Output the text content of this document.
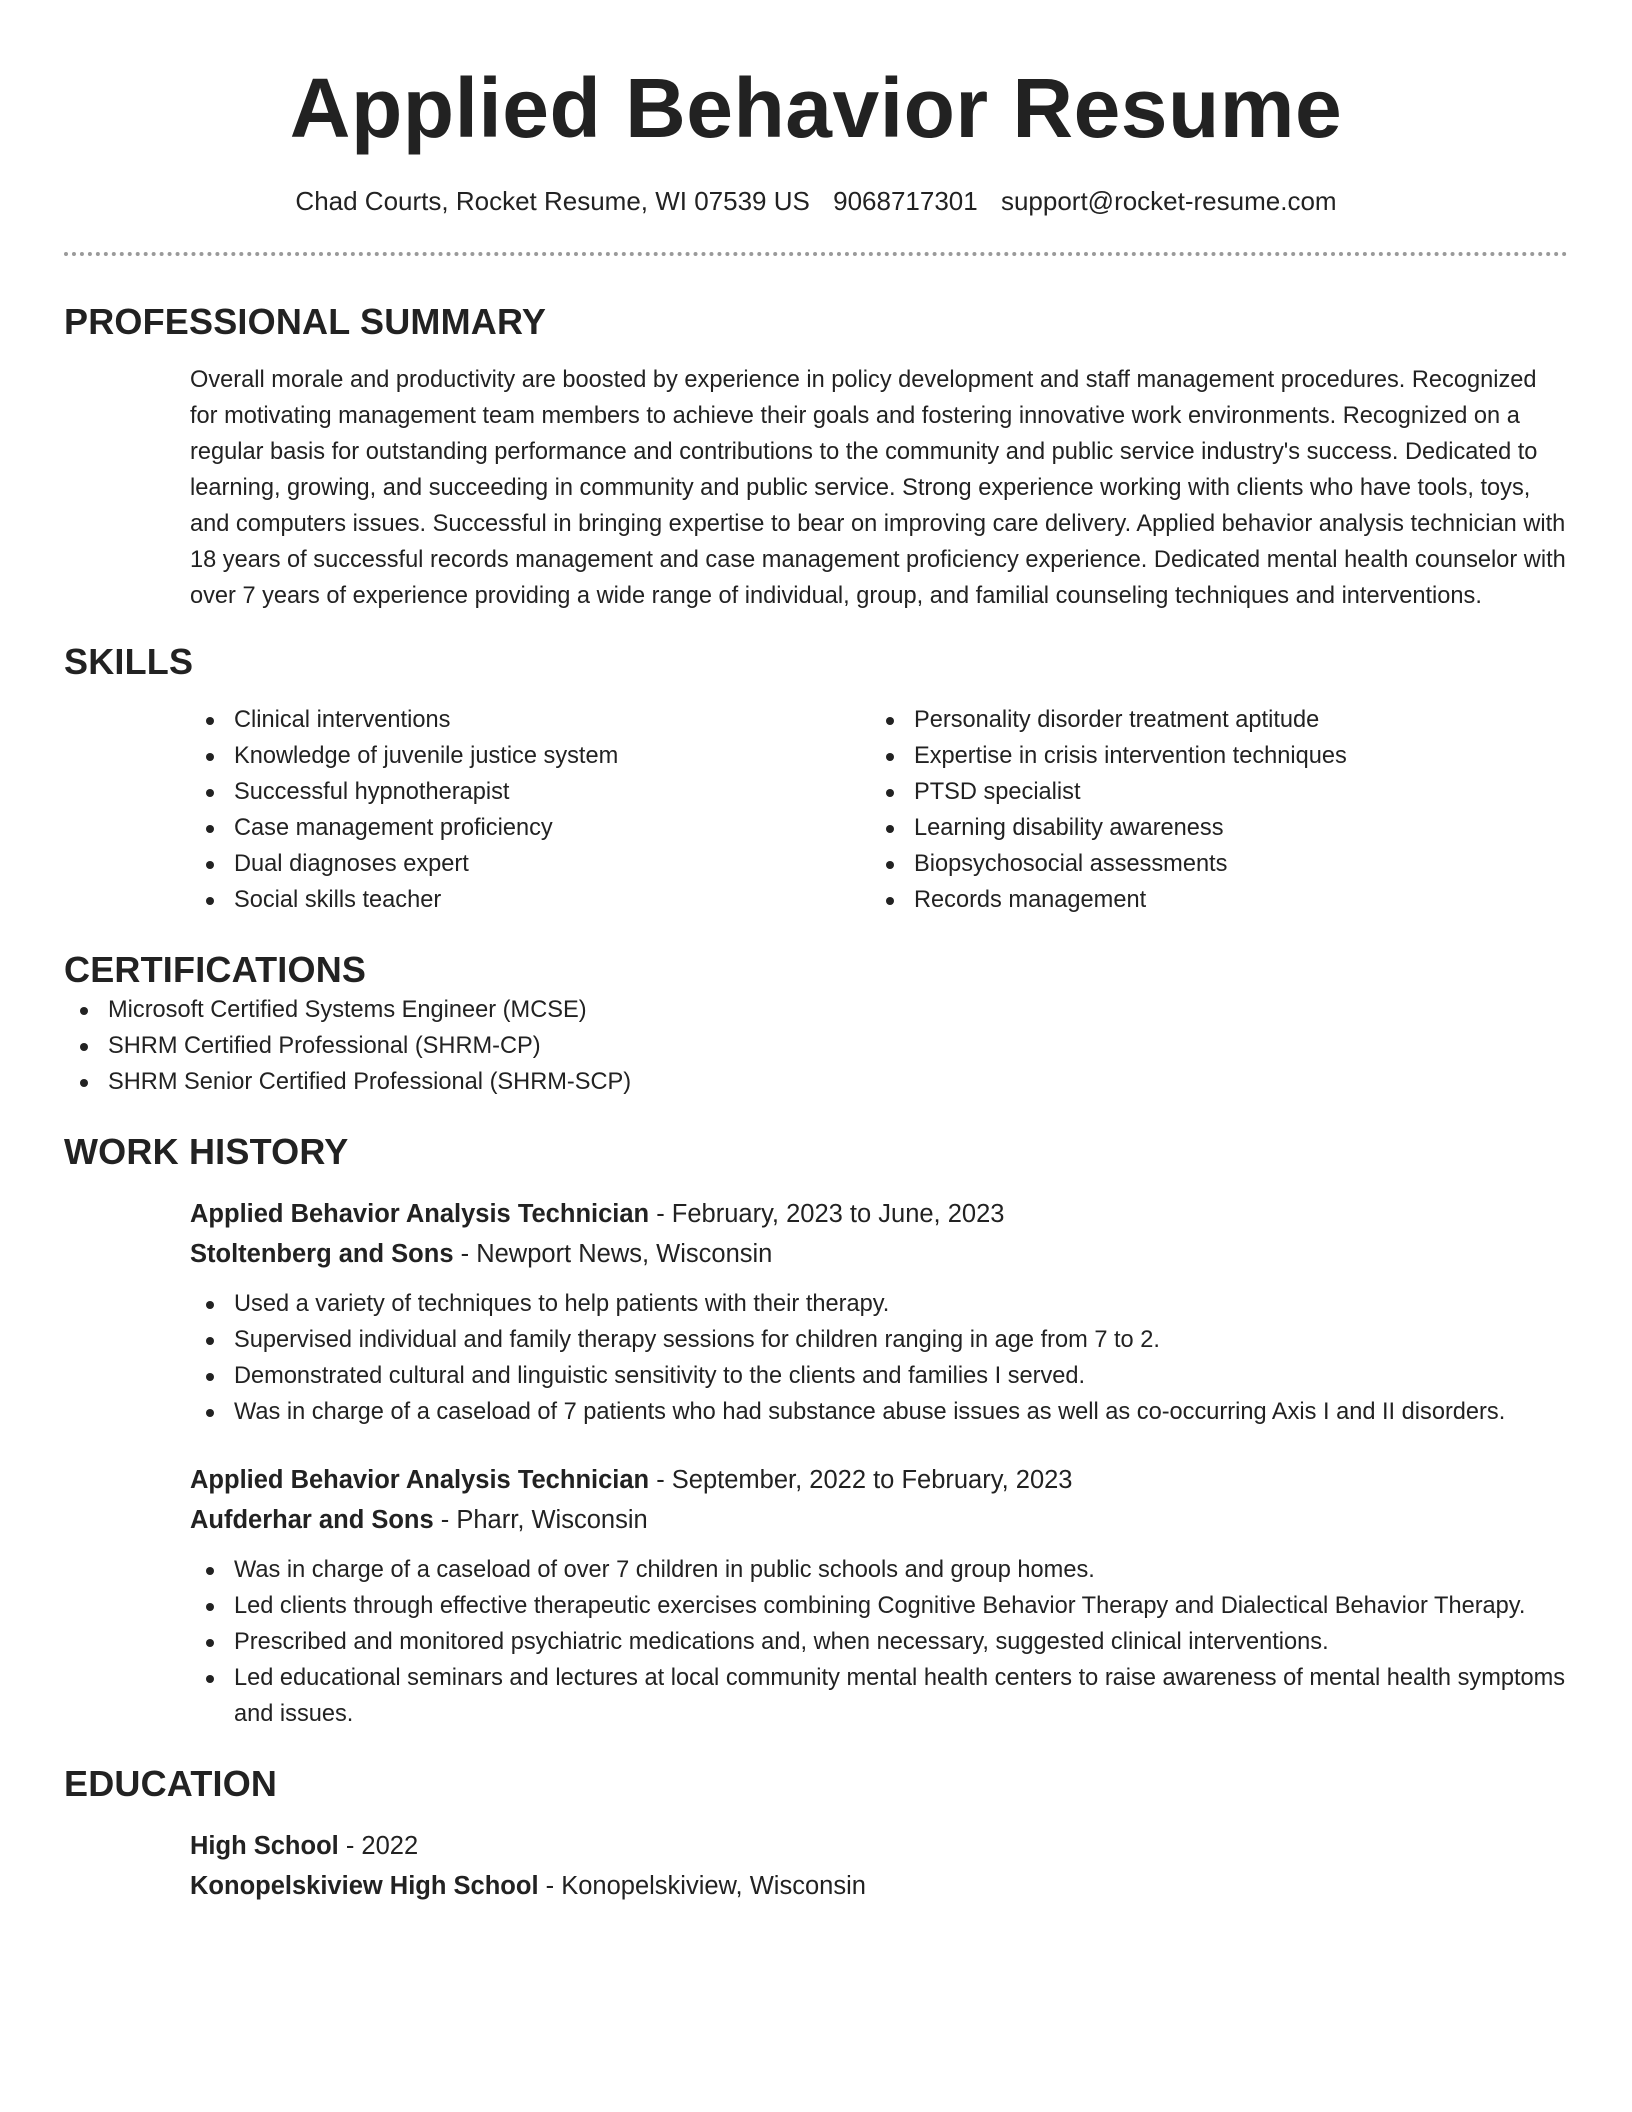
Applied Behavior Resume
Chad Courts, Rocket Resume, WI 07539 US 9068717301 support@rocket-resume.com
PROFESSIONAL SUMMARY

Overall morale and productivity are boosted by experience in policy development and staff management procedures. Recognized for motivating management team members to achieve their goals and fostering innovative work environments. Recognized on a regular basis for outstanding performance and contributions to the community and public service industry's success. Dedicated to learning, growing, and succeeding in community and public service. Strong experience working with clients who have tools, toys, and computers issues. Successful in bringing expertise to bear on improving care delivery. Applied behavior analysis technician with 18 years of successful records management and case management proficiency experience. Dedicated mental health counselor with over 7 years of experience providing a wide range of individual, group, and familial counseling techniques and interventions.

SKILLS
Clinical interventions
Knowledge of juvenile justice system
Successful hypnotherapist
Case management proficiency
Dual diagnoses expert
Social skills teacher
Personality disorder treatment aptitude
Expertise in crisis intervention techniques
PTSD specialist
Learning disability awareness
Biopsychosocial assessments
Records management
CERTIFICATIONS
Microsoft Certified Systems Engineer (MCSE)
SHRM Certified Professional (SHRM-CP)
SHRM Senior Certified Professional (SHRM-SCP)
WORK HISTORY
Applied Behavior Analysis Technician - February, 2023 to June, 2023
Stoltenberg and Sons - Newport News, Wisconsin
Used a variety of techniques to help patients with their therapy.
Supervised individual and family therapy sessions for children ranging in age from 7 to 2.
Demonstrated cultural and linguistic sensitivity to the clients and families I served.
Was in charge of a caseload of 7 patients who had substance abuse issues as well as co-occurring Axis I and II disorders.
Applied Behavior Analysis Technician - September, 2022 to February, 2023
Aufderhar and Sons - Pharr, Wisconsin
Was in charge of a caseload of over 7 children in public schools and group homes.
Led clients through effective therapeutic exercises combining Cognitive Behavior Therapy and Dialectical Behavior Therapy.
Prescribed and monitored psychiatric medications and, when necessary, suggested clinical interventions.
Led educational seminars and lectures at local community mental health centers to raise awareness of mental health symptoms and issues.
EDUCATION
High School - 2022
Konopelskiview High School - Konopelskiview, Wisconsin
